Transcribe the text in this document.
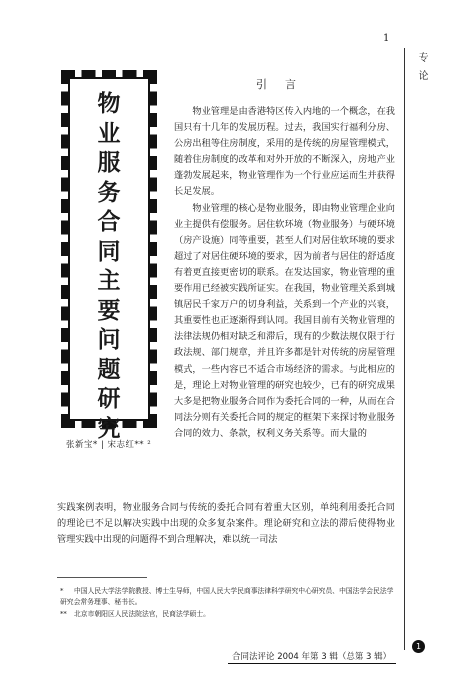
1
专论
物
业
服
务
合
同
主
要
问
题
研
究
张新宝* | 宋志红** ²
引言

物业管理是由香港特区传入内地的一个概念，在我国只有十几年的发展历程。过去，我国实行福利分房、公房出租等住房制度，采用的是传统的房屋管理模式，随着住房制度的改革和对外开放的不断深入，房地产业蓬勃发展起来，物业管理作为一个行业应运而生并获得长足发展。

物业管理的核心是物业服务，即由物业管理企业向业主提供有偿服务。居住软环境（物业服务）与硬环境（房产设施）同等重要，甚至人们对居住软环境的要求超过了对居住硬环境的要求，因为前者与居住的舒适度有着更直接更密切的联系。在发达国家，物业管理的重要作用已经被实践所证实。在我国，物业管理关系到城镇居民千家万户的切身利益，关系到一个产业的兴衰，其重要性也正逐渐得到认同。我国目前有关物业管理的法律法规仍相对缺乏和滞后，现有的少数法规仅限于行政法规、部门规章，并且许多都是针对传统的房屋管理模式，一些内容已不适合市场经济的需求。与此相应的是，理论上对物业管理的研究也较少，已有的研究成果大多是把物业服务合同作为委托合同的一种，从而在合同法分则有关委托合同的规定的框架下来探讨物业服务合同的效力、条款，权利义务关系等。而大量的

实践案例表明，物业服务合同与传统的委托合同有着重大区别，单纯利用委托合同的理论已不足以解决实践中出现的众多复杂案件。理论研究和立法的滞后使得物业管理实践中出现的问题得不到合理解决，难以统一司法
* 中国人民大学法学院教授、博士生导师，中国人民大学民商事法律科学研究中心研究员、中国法学会民法学研究会常务理事、秘书长。
** 北京市朝阳区人民法院法官，民商法学硕士。
合同法评论 2004 年第 3 辑（总第 3 辑）
1
